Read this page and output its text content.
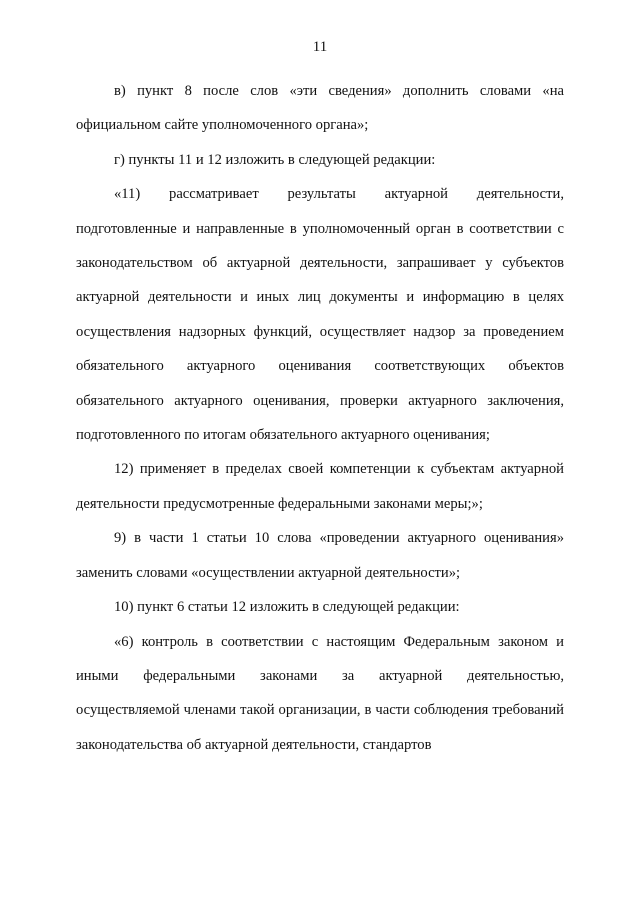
11

в) пункт 8 после слов «эти сведения» дополнить словами «на официальном сайте уполномоченного органа»;

г) пункты 11 и 12 изложить в следующей редакции:

«11) рассматривает результаты актуарной деятельности, подготовленные и направленные в уполномоченный орган в соответствии с законодательством об актуарной деятельности, запрашивает у субъектов актуарной деятельности и иных лиц документы и информацию в целях осуществления надзорных функций, осуществляет надзор за проведением обязательного актуарного оценивания соответствующих объектов обязательного актуарного оценивания, проверки актуарного заключения, подготовленного по итогам обязательного актуарного оценивания;

12) применяет в пределах своей компетенции к субъектам актуарной деятельности предусмотренные федеральными законами меры;»;

9) в части 1 статьи 10 слова «проведении актуарного оценивания» заменить словами «осуществлении актуарной деятельности»;

10) пункт 6 статьи 12 изложить в следующей редакции:

«6) контроль в соответствии с настоящим Федеральным законом и иными федеральными законами за актуарной деятельностью, осуществляемой членами такой организации, в части соблюдения требований законодательства об актуарной деятельности, стандартов
